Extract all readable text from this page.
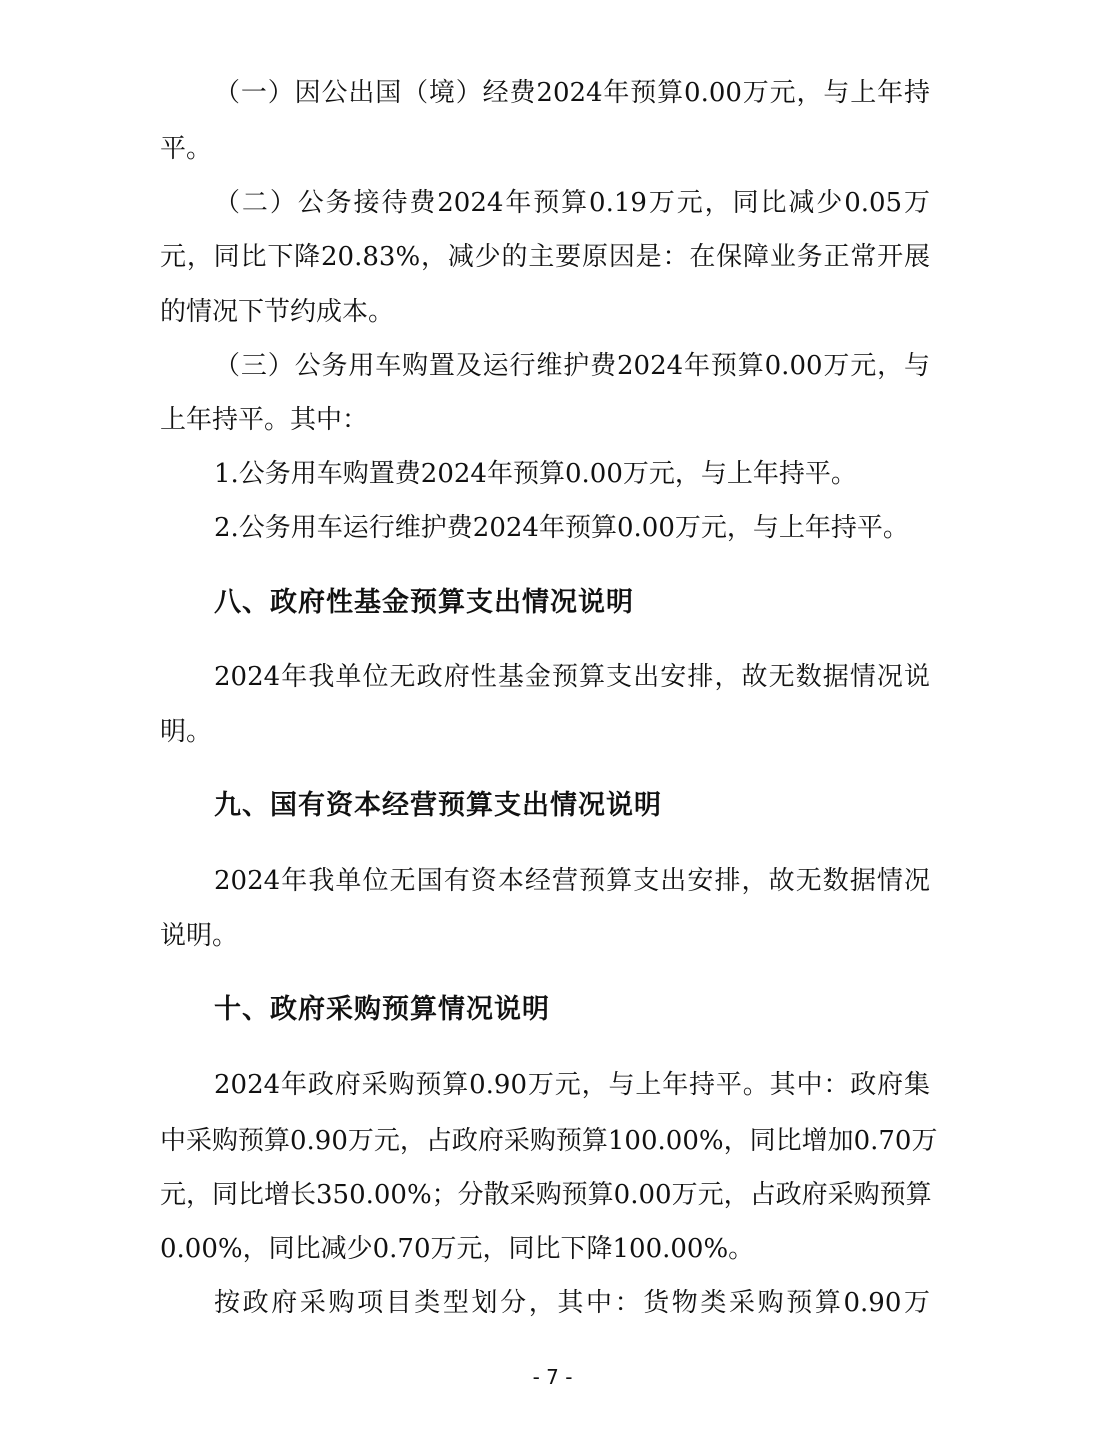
（一）因公出国（境）经费2024年预算0.00万元，与上年持
平。
（二）公务接待费2024年预算0.19万元，同比减少0.05万
元，同比下降20.83%，减少的主要原因是：在保障业务正常开展
的情况下节约成本。
（三）公务用车购置及运行维护费2024年预算0.00万元，与
上年持平。其中：
1.公务用车购置费2024年预算0.00万元，与上年持平。
2.公务用车运行维护费2024年预算0.00万元，与上年持平。
八、政府性基金预算支出情况说明
2024年我单位无政府性基金预算支出安排，故无数据情况说
明。
九、国有资本经营预算支出情况说明
2024年我单位无国有资本经营预算支出安排，故无数据情况
说明。
十、政府采购预算情况说明
2024年政府采购预算0.90万元，与上年持平。其中：政府集
中采购预算0.90万元，占政府采购预算100.00%，同比增加0.70万
元，同比增长350.00%；分散采购预算0.00万元，占政府采购预算
0.00%，同比减少0.70万元，同比下降100.00%。
按政府采购项目类型划分，其中：货物类采购预算0.90万
- 7 -
